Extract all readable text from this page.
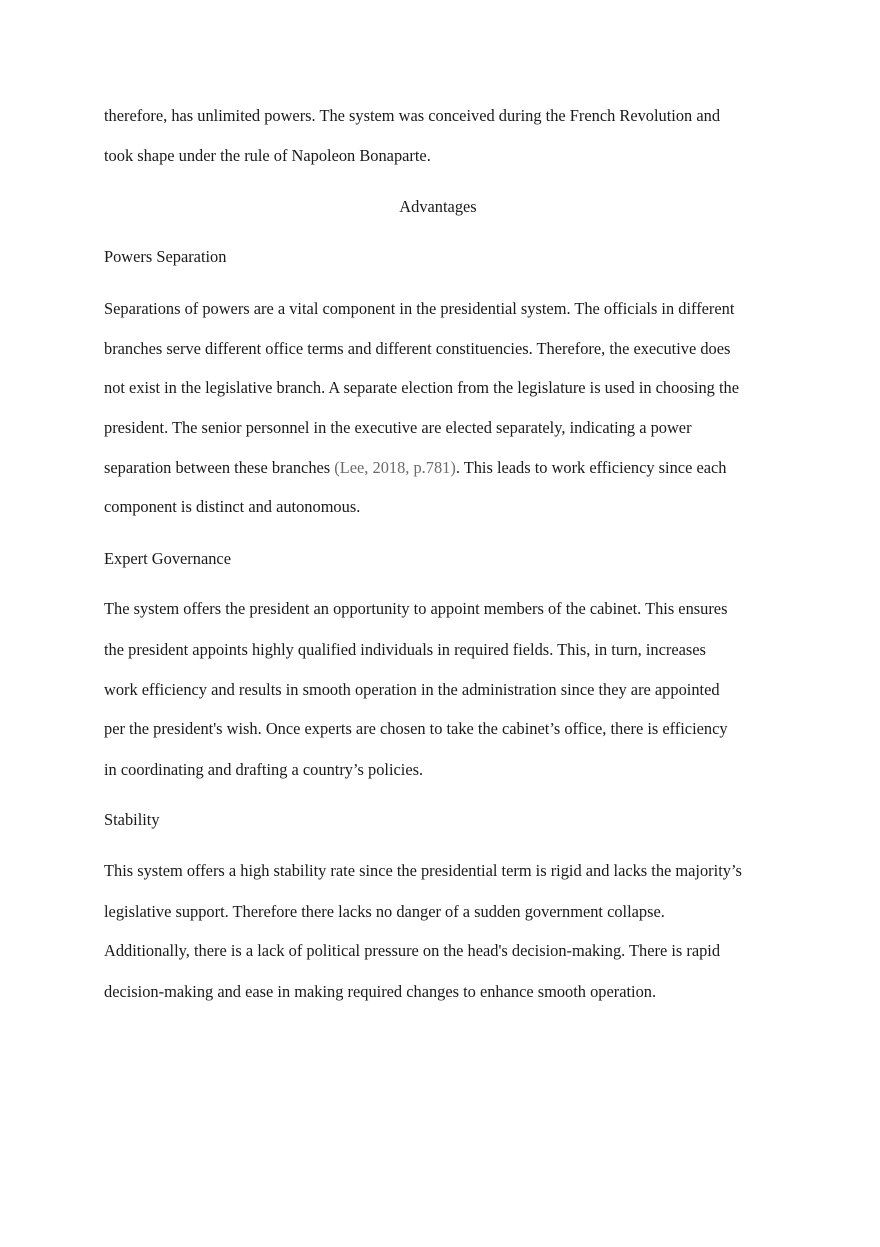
therefore, has unlimited powers. The system was conceived during the French Revolution and
took shape under the rule of Napoleon Bonaparte.
Advantages
Powers Separation
Separations of powers are a vital component in the presidential system. The officials in different
branches serve different office terms and different constituencies. Therefore, the executive does
not exist in the legislative branch. A separate election from the legislature is used in choosing the
president. The senior personnel in the executive are elected separately, indicating a power
separation between these branches (Lee, 2018, p.781). This leads to work efficiency since each
component is distinct and autonomous.
Expert Governance
The system offers the president an opportunity to appoint members of the cabinet. This ensures
the president appoints highly qualified individuals in required fields. This, in turn, increases
work efficiency and results in smooth operation in the administration since they are appointed
per the president's wish. Once experts are chosen to take the cabinet’s office, there is efficiency
in coordinating and drafting a country’s policies.
Stability
This system offers a high stability rate since the presidential term is rigid and lacks the majority’s
legislative support. Therefore there lacks no danger of a sudden government collapse.
Additionally, there is a lack of political pressure on the head's decision-making. There is rapid
decision-making and ease in making required changes to enhance smooth operation.
